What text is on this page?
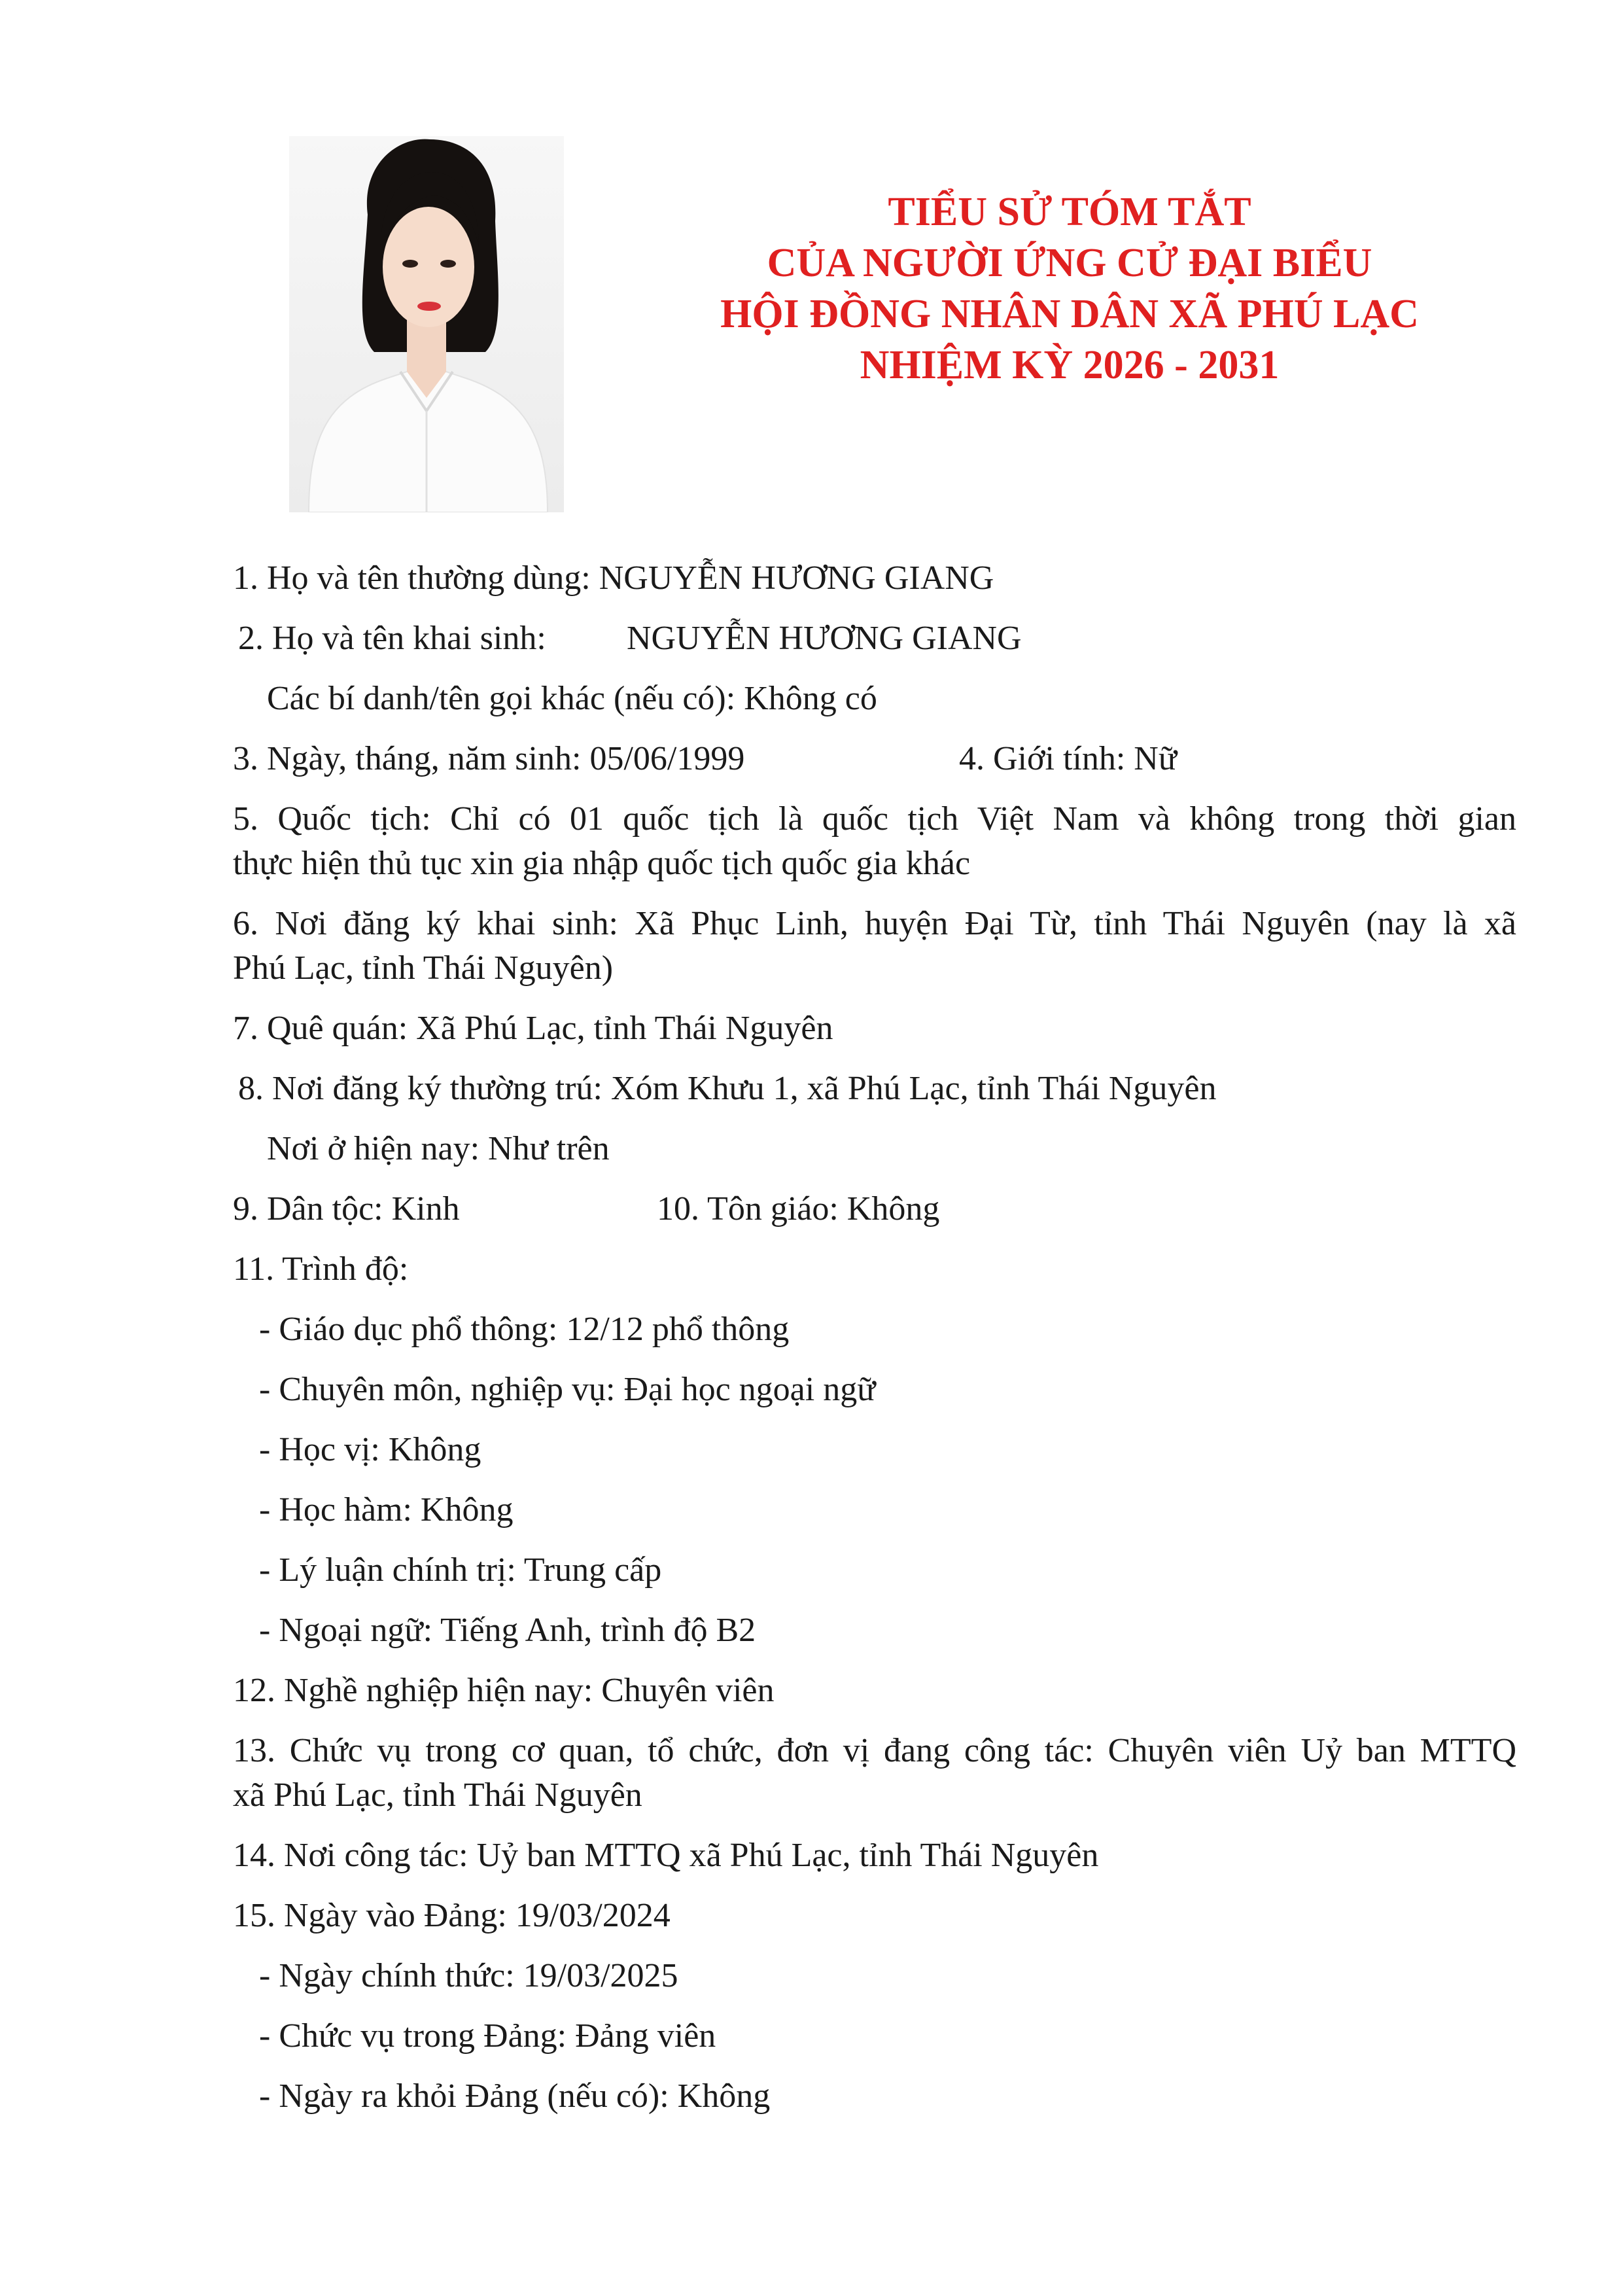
TIỂU SỬ TÓM TẮT
CỦA NGƯỜI ỨNG CỬ ĐẠI BIỂU
HỘI ĐỒNG NHÂN DÂN XÃ PHÚ LẠC
NHIỆM KỲ 2026 - 2031
1. Họ và tên thường dùng: NGUYỄN HƯƠNG GIANG
2. Họ và tên khai sinh: NGUYỄN HƯƠNG GIANG
Các bí danh/tên gọi khác (nếu có): Không có
3. Ngày, tháng, năm sinh: 05/06/1999	4. Giới tính: Nữ
5. Quốc tịch: Chỉ có 01 quốc tịch là quốc tịch Việt Nam và không trong thời gian
thực hiện thủ tục xin gia nhập quốc tịch quốc gia khác
6. Nơi đăng ký khai sinh: Xã Phục Linh, huyện Đại Từ, tỉnh Thái Nguyên (nay là xã
Phú Lạc, tỉnh Thái Nguyên)
7. Quê quán: Xã Phú Lạc, tỉnh Thái Nguyên
8. Nơi đăng ký thường trú: Xóm Khưu 1, xã Phú Lạc, tỉnh Thái Nguyên
Nơi ở hiện nay: Như trên
9. Dân tộc: Kinh	10. Tôn giáo: Không
11. Trình độ:
- Giáo dục phổ thông: 12/12 phổ thông
- Chuyên môn, nghiệp vụ: Đại học ngoại ngữ
- Học vị: Không
- Học hàm: Không
- Lý luận chính trị: Trung cấp
- Ngoại ngữ: Tiếng Anh, trình độ B2
12. Nghề nghiệp hiện nay: Chuyên viên
13. Chức vụ trong cơ quan, tổ chức, đơn vị đang công tác: Chuyên viên Uỷ ban MTTQ
xã Phú Lạc, tỉnh Thái Nguyên
14. Nơi công tác: Uỷ ban MTTQ xã Phú Lạc, tỉnh Thái Nguyên
15. Ngày vào Đảng: 19/03/2024
- Ngày chính thức: 19/03/2025
- Chức vụ trong Đảng: Đảng viên
- Ngày ra khỏi Đảng (nếu có): Không
